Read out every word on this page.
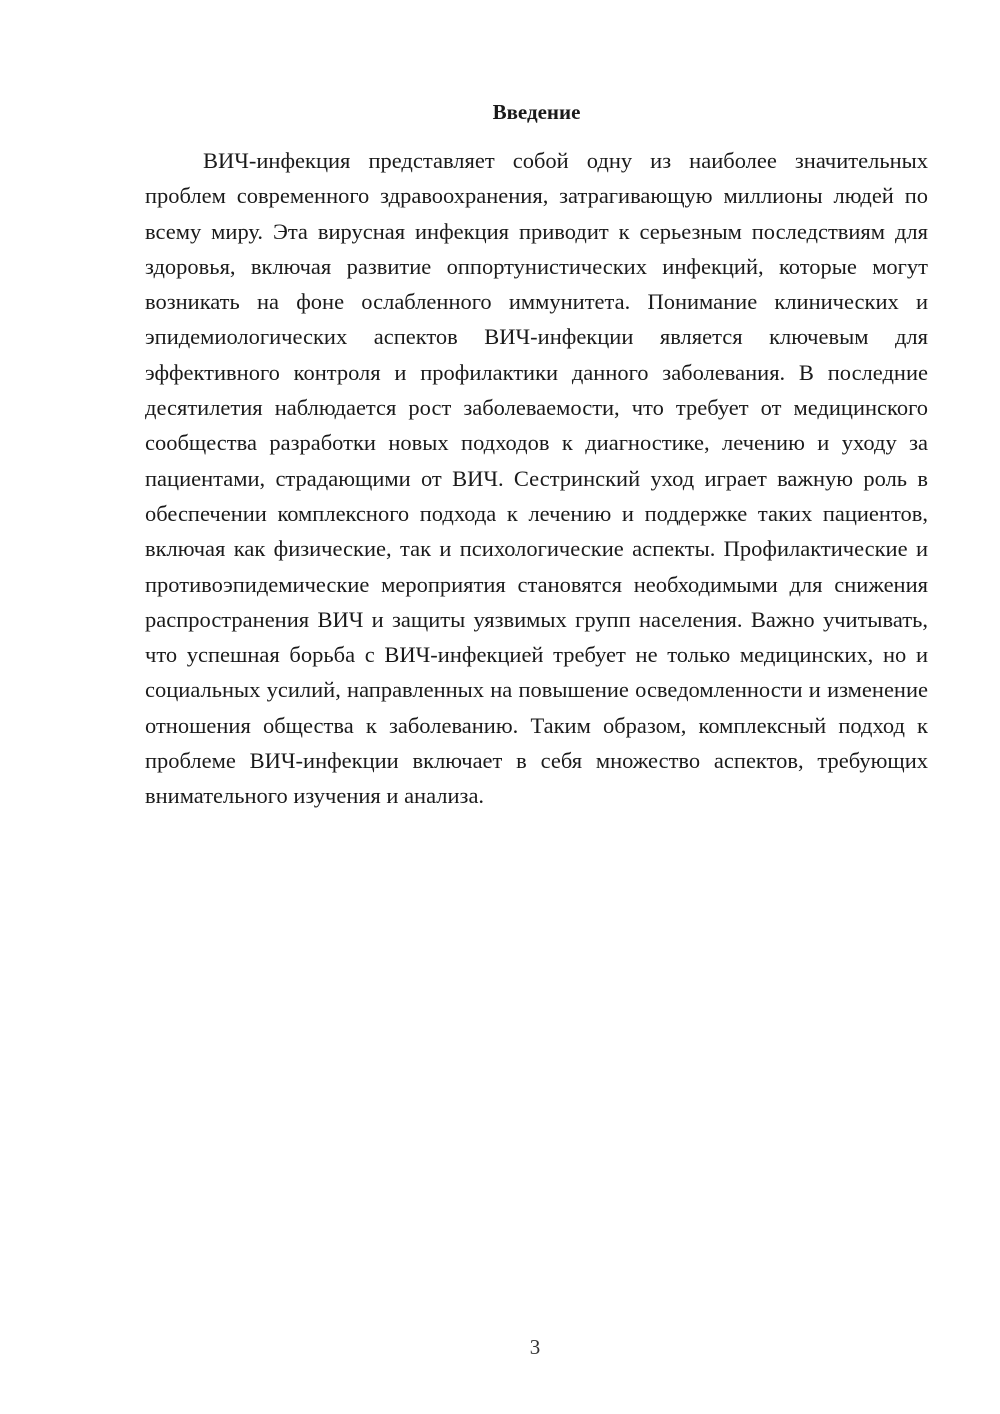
Введение

ВИЧ-инфекция представляет собой одну из наиболее значительных проблем современного здравоохранения, затрагивающую миллионы людей по всему миру. Эта вирусная инфекция приводит к серьезным последствиям для здоровья, включая развитие оппортунистических инфекций, которые могут возникать на фоне ослабленного иммунитета. Понимание клинических и эпидемиологических аспектов ВИЧ-инфекции является ключевым для эффективного контроля и профилактики данного заболевания. В последние десятилетия наблюдается рост заболеваемости, что требует от медицинского сообщества разработки новых подходов к диагностике, лечению и уходу за пациентами, страдающими от ВИЧ. Сестринский уход играет важную роль в обеспечении комплексного подхода к лечению и поддержке таких пациентов, включая как физические, так и психологические аспекты. Профилактические и противоэпидемические мероприятия становятся необходимыми для снижения распространения ВИЧ и защиты уязвимых групп населения. Важно учитывать, что успешная борьба с ВИЧ-инфекцией требует не только медицинских, но и социальных усилий, направленных на повышение осведомленности и изменение отношения общества к заболеванию. Таким образом, комплексный подход к проблеме ВИЧ-инфекции включает в себя множество аспектов, требующих внимательного изучения и анализа.

3
